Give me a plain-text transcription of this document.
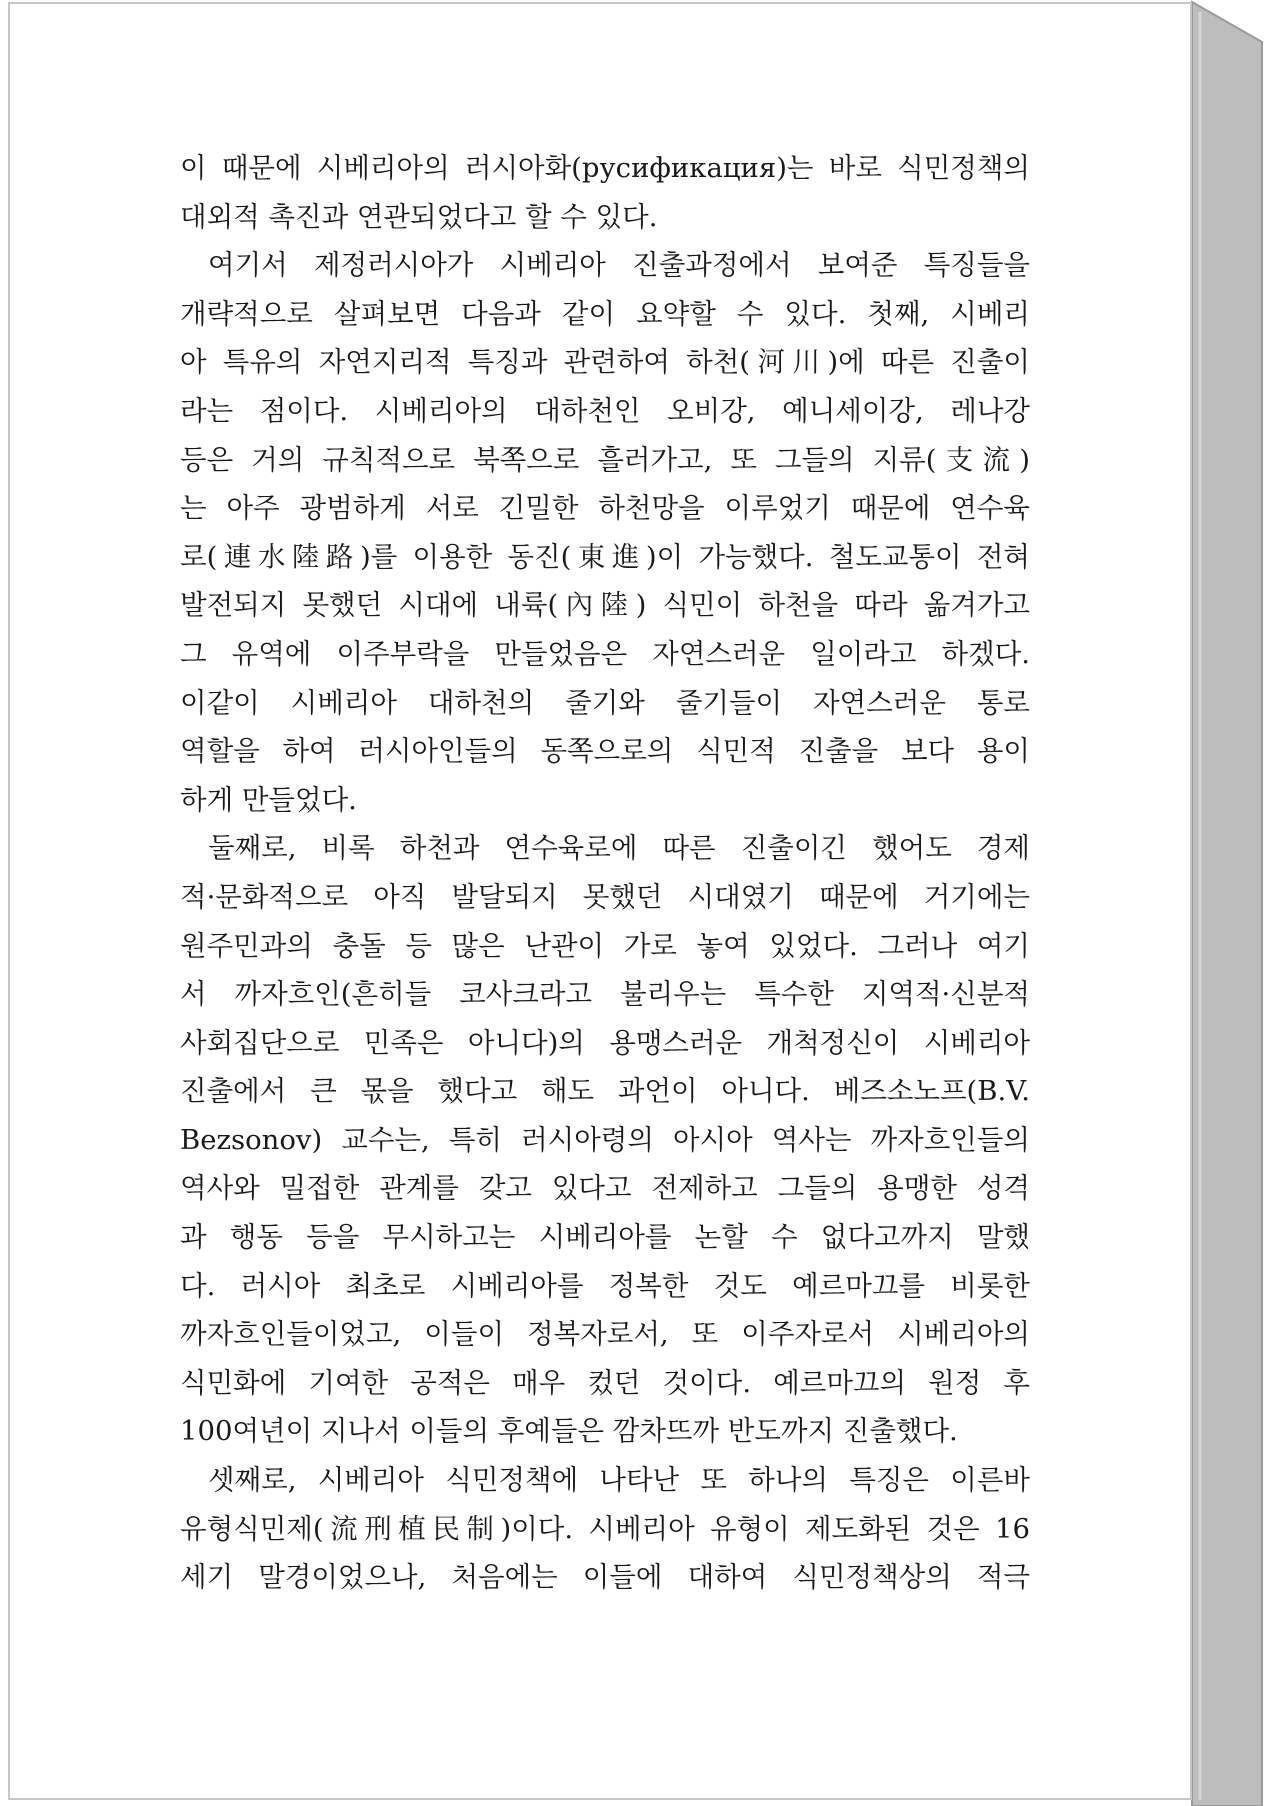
이 때문에 시베리아의 러시아화(русификация)는 바로 식민정책의
대외적 촉진과 연관되었다고 할 수 있다.
여기서 제정러시아가 시베리아 진출과정에서 보여준 특징들을
개략적으로 살펴보면 다음과 같이 요약할 수 있다. 첫째, 시베리
아 특유의 자연지리적 특징과 관련하여 하천(河川)에 따른 진출이
라는 점이다. 시베리아의 대하천인 오비강, 예니세이강, 레나강
등은 거의 규칙적으로 북쪽으로 흘러가고, 또 그들의 지류(支流)
는 아주 광범하게 서로 긴밀한 하천망을 이루었기 때문에 연수육
로(連水陸路)를 이용한 동진(東進)이 가능했다. 철도교통이 전혀
발전되지 못했던 시대에 내륙(內陸) 식민이 하천을 따라 옮겨가고
그 유역에 이주부락을 만들었음은 자연스러운 일이라고 하겠다.
이같이 시베리아 대하천의 줄기와 줄기들이 자연스러운 통로
역할을 하여 러시아인들의 동쪽으로의 식민적 진출을 보다 용이
하게 만들었다.
둘째로, 비록 하천과 연수육로에 따른 진출이긴 했어도 경제
적·문화적으로 아직 발달되지 못했던 시대였기 때문에 거기에는
원주민과의 충돌 등 많은 난관이 가로 놓여 있었다. 그러나 여기
서 까자흐인(흔히들 코사크라고 불리우는 특수한 지역적·신분적
사회집단으로 민족은 아니다)의 용맹스러운 개척정신이 시베리아
진출에서 큰 몫을 했다고 해도 과언이 아니다. 베즈소노프(B.V.
Bezsonov) 교수는, 특히 러시아령의 아시아 역사는 까자흐인들의
역사와 밀접한 관계를 갖고 있다고 전제하고 그들의 용맹한 성격
과 행동 등을 무시하고는 시베리아를 논할 수 없다고까지 말했
다. 러시아 최초로 시베리아를 정복한 것도 예르마끄를 비롯한
까자흐인들이었고, 이들이 정복자로서, 또 이주자로서 시베리아의
식민화에 기여한 공적은 매우 컸던 것이다. 예르마끄의 원정 후
100여년이 지나서 이들의 후예들은 깜차뜨까 반도까지 진출했다.
셋째로, 시베리아 식민정책에 나타난 또 하나의 특징은 이른바
유형식민제(流刑植民制)이다. 시베리아 유형이 제도화된 것은 16
세기 말경이었으나, 처음에는 이들에 대하여 식민정책상의 적극
